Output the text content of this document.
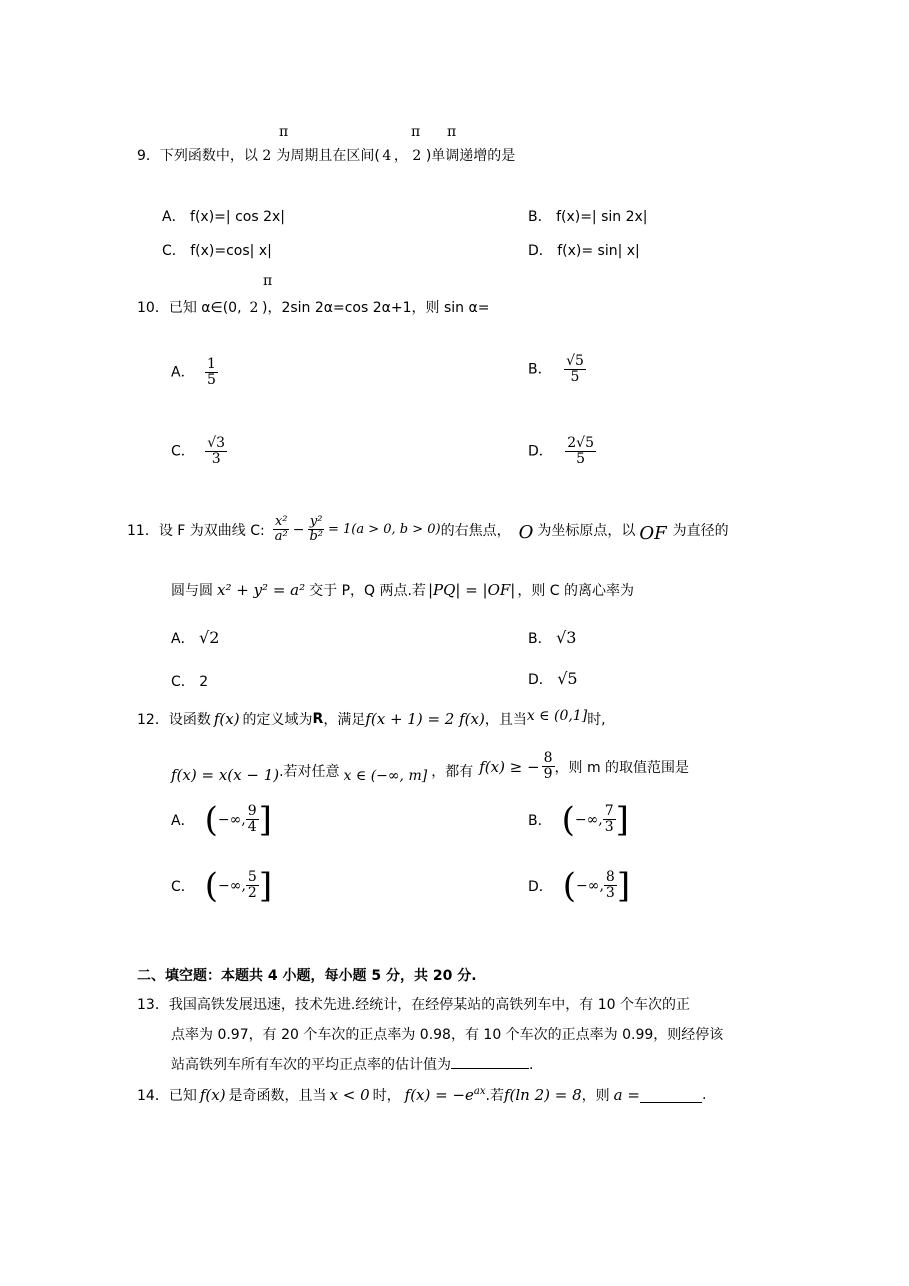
π	π π
9．下列函数中，以 2 为周期且在区间( 4 ， 2 )单调递增的是
A． f(x)=| cos 2x|	B． f(x)=| sin 2x|
C． f(x)=cos| x|	D． f(x)= sin| x|
π
10．已知 α∈(0, 2 )，2sin 2α=cos 2α+1，则 sin α=
A． $\frac{1}{5}$	B． $\frac{√5}{5}$
C． $\frac{√3}{3}$	D． $\frac{2√5}{5}$
11． 设 F 为双曲线 C: $\frac{\text{x²}}{\text{a²}} - \frac{\text{y²}}{\text{b²}} = 1(a > 0$, b > 0) 的右焦点， O 为坐标原点，以 OF 为直径的
圆与圆 x² + y² = a² 交于 P，Q 两点.若 |PQ| = |OF| ，则 C 的离心率为
A． √2	B． √3
C． 2	D． √5
12． 设函数 f(x) 的定义域为 R ，满足 f(x + 1) = 2 f(x) ，且当 x ∈ (0,1] 时,
f(x) = x(x − 1) .若对任意 x ∈ (−∞, m] ，都有 f(x) ≥ − $\frac{8}{9}$ ，则 m 的取值范围是
A． ( −∞, $\frac{9}{4}$ ]	B． ( −∞, $\frac{7}{3}$ ]
C． ( −∞, $\frac{5}{2}$ ]	D． ( −∞, $\frac{8}{3}$ ]
二、填空题：本题共 4 小题，每小题 5 分，共 20 分.
13．我国高铁发展迅速，技术先进.经统计，在经停某站的高铁列车中，有 10 个车次的正
点率为 0.97，有 20 个车次的正点率为 0.98，有 10 个车次的正点率为 0.99，则经停该
站高铁列车所有车次的平均正点率的估计值为	.
14． 已知 f(x) 是奇函数，且当 x < 0 时， $f(x) = -e^{ax}$ .若 f(ln 2) = 8 ，则 a =	.
